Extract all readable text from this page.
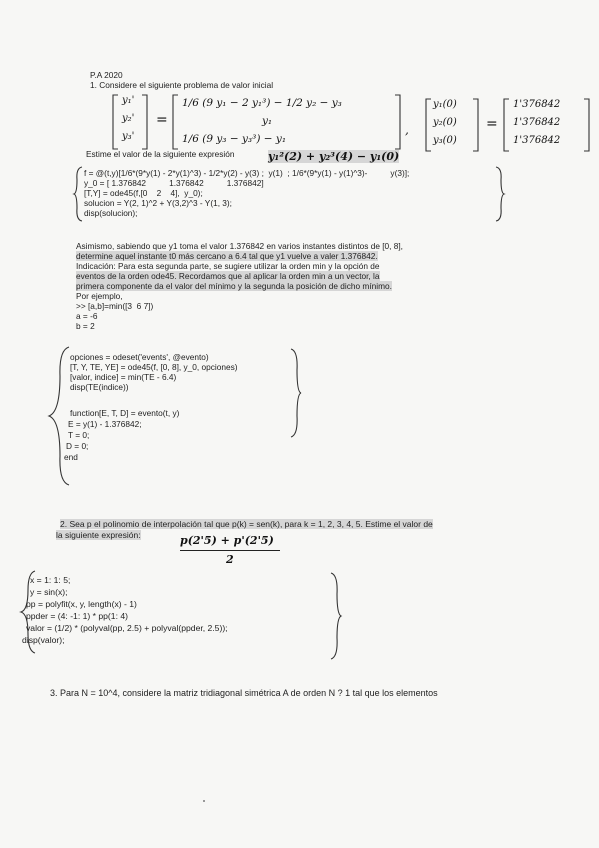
P.A 2020
1. Considere el siguiente problema de valor inicial
y₁'
y₂'
y₃'
=
1/6 (9 y₁ − 2 y₁³) − 1/2 y₂ − y₃
y₁
1/6 (9 y₃ − y₃³) − y₁
y₁(0)
y₂(0)
y₃(0)
=
1'376842
1'376842
1'376842
,
Estime el valor de la siguiente expresión	y₁²(2) + y₂³(4) − y₁(0)
f = @(t,y)[1/6*(9*y(1) - 2*y(1)^3) - 1/2*y(2) - y(3) ;  y(1)  ; 1/6*(9*y(1) - y(1)^3)-          y(3)];
y_0 = [ 1.376842          1.376842          1.376842]
[T,Y] = ode45(f,[0    2    4],  y_0);
solucion = Y(2, 1)^2 + Y(3,2)^3 - Y(1, 3);
disp(solucion);
Asimismo, sabiendo que y1 toma el valor 1.376842 en varios instantes distintos de [0, 8],
determine aquel instante t0 más cercano a 6.4 tal que y1 vuelve a valer 1.376842.
Indicación: Para esta segunda parte, se sugiere utilizar la orden min y la opción de
eventos de la orden ode45. Recordamos que al aplicar la orden min a un vector, la
primera componente da el valor del mínimo y la segunda la posición de dicho mínimo.
Por ejemplo,
>> [a,b]=min([3  6 7])
a = -6
b = 2
opciones = odeset('events', @evento)
[T, Y, TE, YE] = ode45(f, [0, 8], y_0, opciones)
[valor, indice] = min(TE - 6.4)
disp(TE(indice))
function[E, T, D] = evento(t, y)
E = y(1) - 1.376842;
T = 0;
D = 0;
end
2. Sea p el polinomio de interpolación tal que p(k) = sen(k), para k = 1, 2, 3, 4, 5. Estime el valor de
la siguiente expresión:	p(2'5) + p'(2'5)
2
x = 1: 1: 5;
y = sin(x);
pp = polyfit(x, y, length(x) - 1)
ppder = (4: -1: 1) * pp(1: 4)
valor = (1/2) * (polyval(pp, 2.5) + polyval(ppder, 2.5));
disp(valor);
3. Para N = 10^4, considere la matriz tridiagonal simétrica A de orden N ? 1 tal que los elementos
